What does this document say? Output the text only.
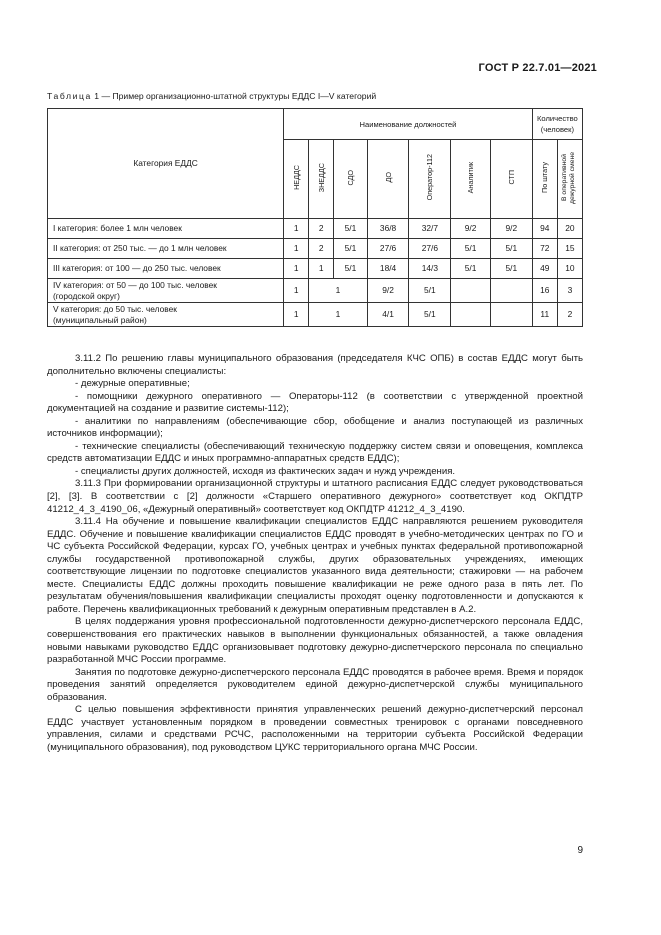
ГОСТ Р 22.7.01—2021
Таблица 1 — Пример организационно-штатной структуры ЕДДС I—V категорий
Категория ЕДДС	Наименование должностей							Количество (человек)	
	НЕДДС	ЗНЕДДС	СДО	ДО	Оператор-112	Аналитик	СТП	По штату	В оперативной
дежурной смене
I категория: более 1 млн человек	1	2	5/1	36/8	32/7	9/2	9/2	94	20
II категория: от 250 тыс. — до 1 млн человек	1	2	5/1	27/6	27/6	5/1	5/1	72	15
III категория: от 100 — до 250 тыс. человек	1	1	5/1	18/4	14/3	5/1	5/1	49	10
IV категория: от 50 — до 100 тыс. человек
(городской округ)	1	1		9/2	5/1			16	3
V категория: до 50 тыс. человек
(муниципальный район)	1	1		4/1	5/1			11	2

3.11.2 По решению главы муниципального образования (председателя КЧС ОПБ) в состав ЕДДС могут быть дополнительно включены специалисты:

- дежурные оперативные;

- помощники дежурного оперативного — Операторы-112 (в соответствии с утвержденной проектной документацией на создание и развитие системы-112);

- аналитики по направлениям (обеспечивающие сбор, обобщение и анализ поступающей из различных источников информации);

- технические специалисты (обеспечивающий техническую поддержку систем связи и оповещения, комплекса средств автоматизации ЕДДС и иных программно-аппаратных средств ЕДДС);

- специалисты других должностей, исходя из фактических задач и нужд учреждения.

3.11.3 При формировании организационной структуры и штатного расписания ЕДДС следует руководствоваться [2], [3]. В соответствии с [2] должности «Старшего оперативного дежурного» соответствует код ОКПДТР 41212_4_3_4190_06, «Дежурный оперативный» соответствует код ОКПДТР 41212_4_3_4190.

3.11.4 На обучение и повышение квалификации специалистов ЕДДС направляются решением руководителя ЕДДС. Обучение и повышение квалификации специалистов ЕДДС проводят в учебно-методических центрах по ГО и ЧС субъекта Российской Федерации, курсах ГО, учебных центрах и учебных пунктах федеральной противопожарной службы государственной противопожарной службы, других образовательных учреждениях, имеющих соответствующие лицензии по подготовке специалистов указанного вида деятельности; стажировки — на рабочем месте. Специалисты ЕДДС должны проходить повышение квалификации не реже одного раза в пять лет. По результатам обучения/повышения квалификации специалисты проходят оценку подготовленности и допускаются к работе. Перечень квалификационных требований к дежурным оперативным представлен в А.2.

В целях поддержания уровня профессиональной подготовленности дежурно-диспетчерского персонала ЕДДС, совершенствования его практических навыков в выполнении функциональных обязанностей, а также овладения новыми навыками руководство ЕДДС организовывает подготовку дежурно-диспетчерского персонала по специально разработанной МЧС России программе.

Занятия по подготовке дежурно-диспетчерского персонала ЕДДС проводятся в рабочее время. Время и порядок проведения занятий определяется руководителем единой дежурно-диспетчерской службы муниципального образования.

С целью повышения эффективности принятия управленческих решений дежурно-диспетчерский персонал ЕДДС участвует установленным порядком в проведении совместных тренировок с органами повседневного управления, силами и средствами РСЧС, расположенными на территории субъекта Российской Федерации (муниципального образования), под руководством ЦУКС территориального органа МЧС России.

9
